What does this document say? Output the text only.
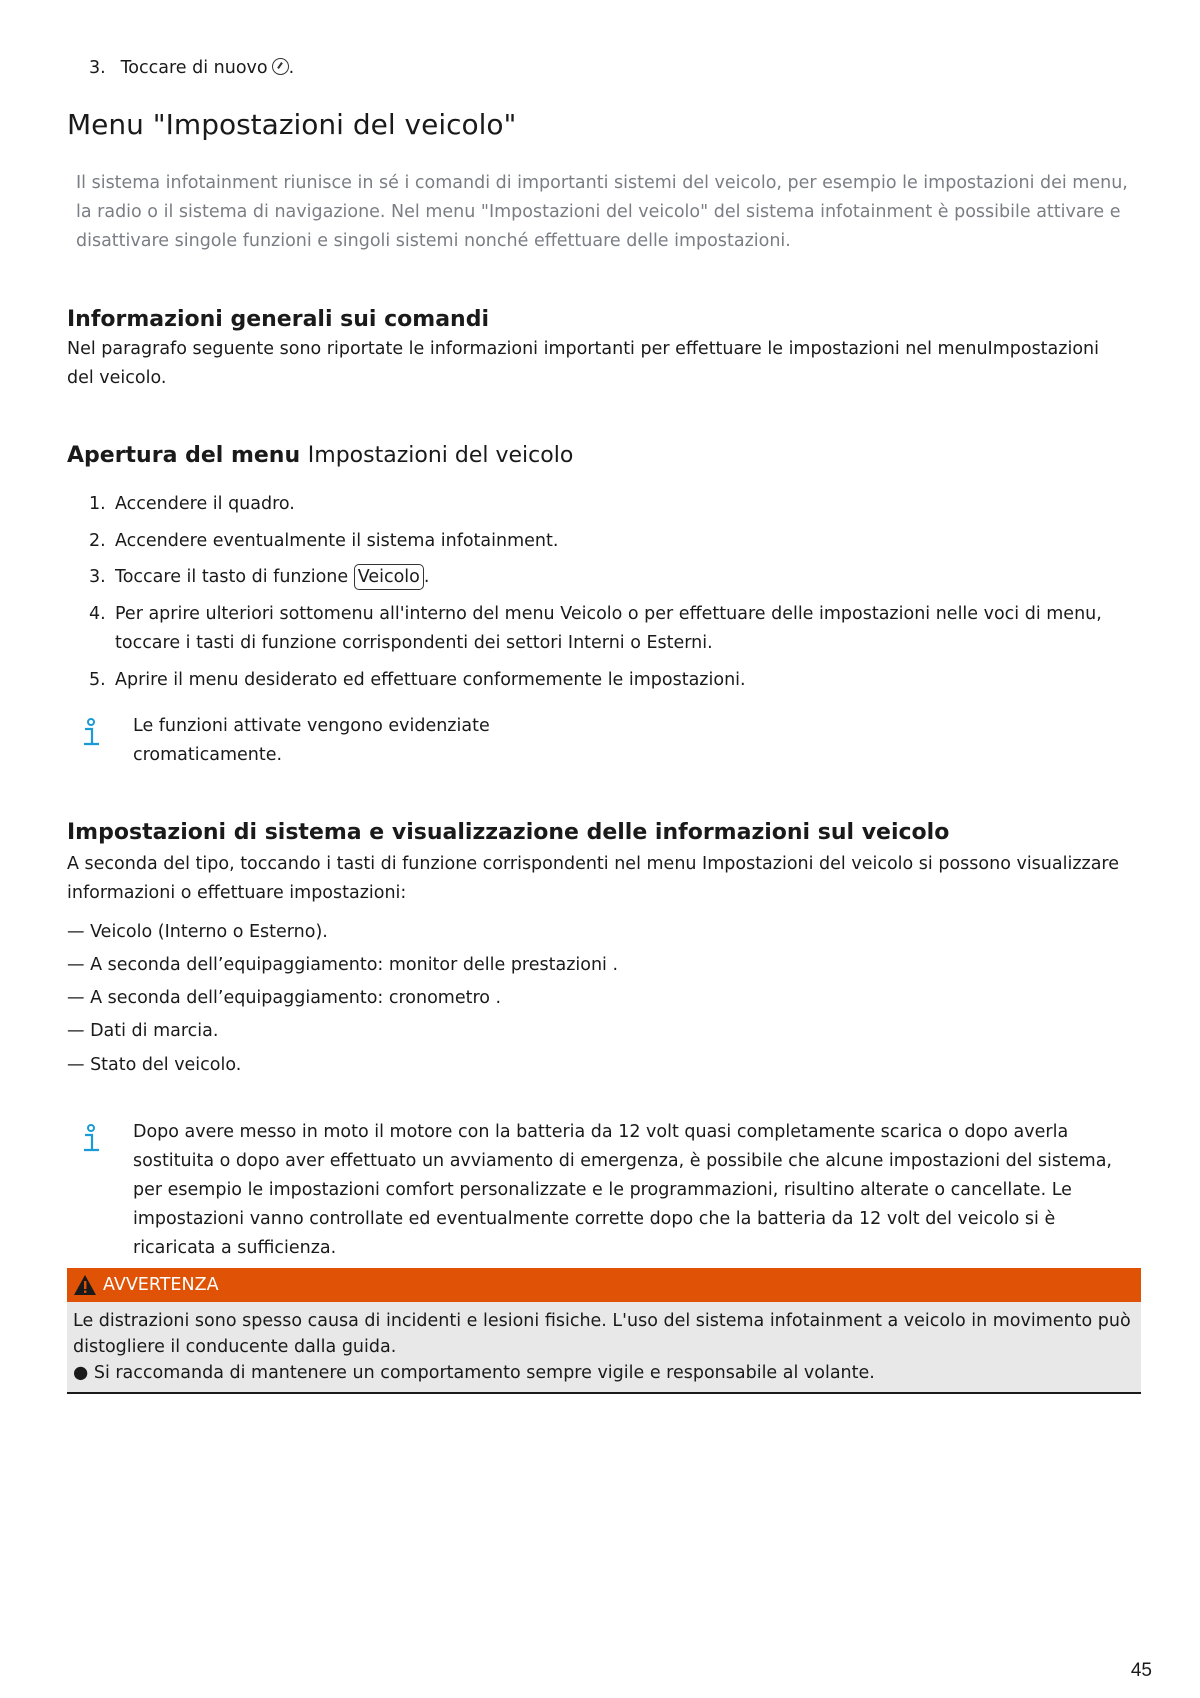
3. Toccare di nuovo .
Menu "Impostazioni del veicolo"

Il sistema infotainment riunisce in sé i comandi di importanti sistemi del veicolo, per esempio le impostazioni dei menu, la radio o il sistema di navigazione. Nel menu "Impostazioni del veicolo" del sistema infotainment è possibile attivare e disattivare singole funzioni e singoli sistemi nonché effettuare delle impostazioni.

Informazioni generali sui comandi

Nel paragrafo seguente sono riportate le informazioni importanti per effettuare le impostazioni nel menuImpostazioni del veicolo.

Apertura del menu Impostazioni del veicolo
1. Accendere il quadro.
2. Accendere eventualmente il sistema infotainment.
3. Toccare il tasto di funzione Veicolo .
4. Per aprire ulteriori sottomenu all'interno del menu Veicolo o per effettuare delle impostazioni nelle voci di menu, toccare i tasti di funzione corrispondenti dei settori Interni o Esterni.
5. Aprire il menu desiderato ed effettuare conformemente le impostazioni.
Le funzioni attivate vengono evidenziate cromaticamente.
Impostazioni di sistema e visualizzazione delle informazioni sul veicolo

A seconda del tipo, toccando i tasti di funzione corrispondenti nel menu Impostazioni del veicolo si possono visualizzare informazioni o effettuare impostazioni:

— Veicolo (Interno o Esterno).
— A seconda dell’equipaggiamento: monitor delle prestazioni .
— A seconda dell’equipaggiamento: cronometro .
— Dati di marcia.
— Stato del veicolo.
Dopo avere messo in moto il motore con la batteria da 12 volt quasi completamente scarica o dopo averla sostituita o dopo aver effettuato un avviamento di emergenza, è possibile che alcune impostazioni del sistema, per esempio le impostazioni comfort personalizzate e le programmazioni, risultino alterate o cancellate. Le impostazioni vanno controllate ed eventualmente corrette dopo che la batteria da 12 volt del veicolo si è ricaricata a sufficienza.
AVVERTENZA
Le distrazioni sono spesso causa di incidenti e lesioni fisiche. L'uso del sistema infotainment a veicolo in movimento può distogliere il conducente dalla guida.
● Si raccomanda di mantenere un comportamento sempre vigile e responsabile al volante.
45
